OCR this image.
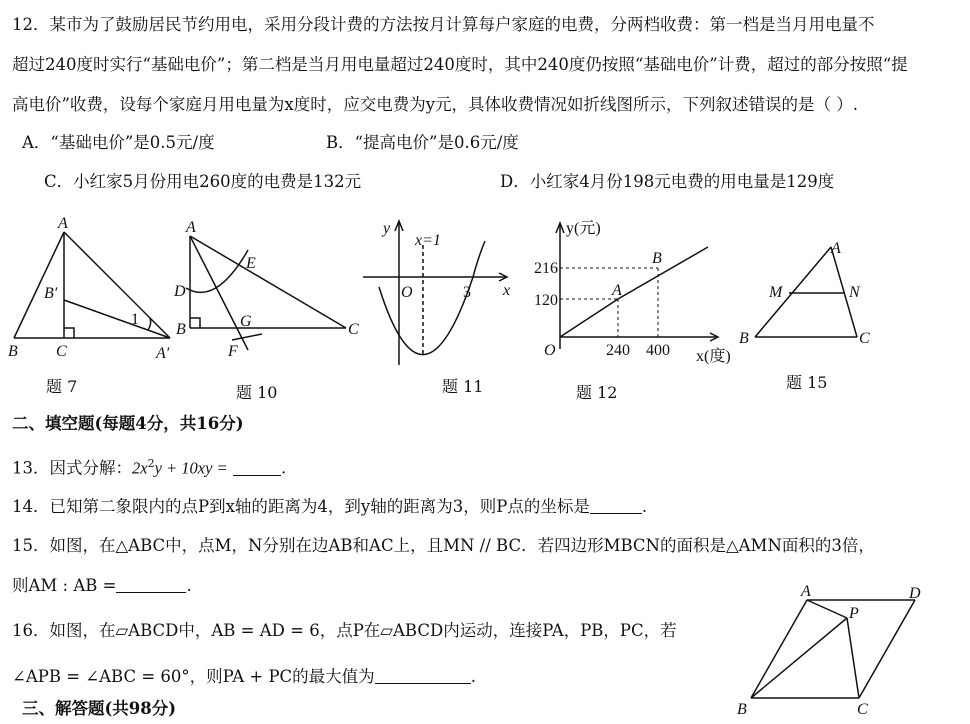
12．某市为了鼓励居民节约用电，采用分段计费的方法按月计算每户家庭的电费，分两档收费：第一档是当月用电量不
超过240度时实行“基础电价”；第二档是当月用电量超过240度时，其中240度仍按照“基础电价”计费，超过的部分按照“提
高电价”收费，设每个家庭月用电量为x度时，应交电费为y元，具体收费情况如折线图所示，下列叙述错误的是（ ）.
A．“基础电价”是0.5元/度	B．“提高电价”是0.6元/度
C．小红家5月份用电260度的电费是132元	D．小红家4月份198元电费的用电量是129度
A
B C
B′
A′
1
题 7
A
B	C
D
E
G
F
题 10
y
x
x=1
O	3
题 11
y(元)
x(度)
216
120
240 400
O
A
B
题 12
A
B	C
M	N
题 15
二、填空题(每题4分，共16分)
13．因式分解：$2x^2y + 10xy$ =	.
14．已知第二象限内的点P到x轴的距离为4，到y轴的距离为3，则P点的坐标是	.
15．如图，在△ABC中，点M，N分别在边AB和AC上，且MN // BC．若四边形MBCN的面积是△AMN面积的3倍，
则AM : AB =	.
16．如图，在▱ABCD中，AB = AD = 6，点P在▱ABCD内运动，连接PA，PB，PC，若
∠APB = ∠ABC = 60°，则PA + PC的最大值为	.
A	D
P
B	C
三、解答题(共98分)
